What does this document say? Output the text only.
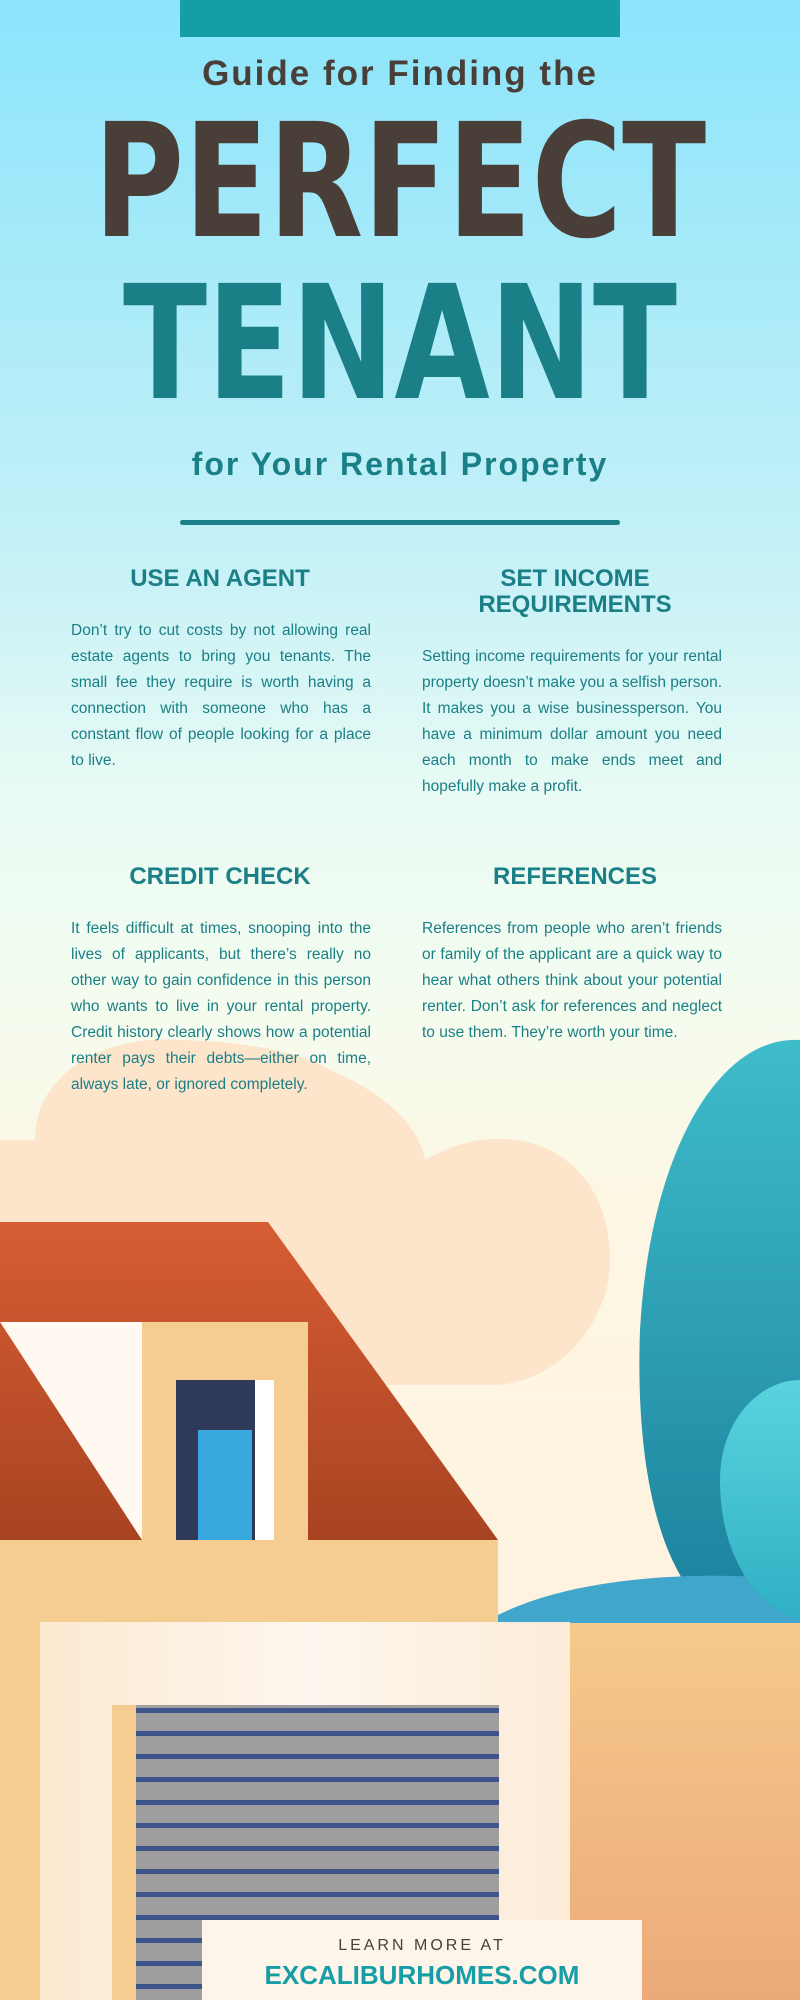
Guide for Finding the
PERFECT
TENANT
for Your Rental Property
USE AN AGENT
Don’t try to cut costs by not allowing real estate agents to bring you tenants. The small fee they require is worth having a connection with someone who has a constant flow of people looking for a place to live.
SET INCOME
REQUIREMENTS
Setting income requirements for your rental property doesn’t make you a selfish person. It makes you a wise businessperson. You have a minimum dollar amount you need each month to make ends meet and hopefully make a profit.
CREDIT CHECK
It feels difficult at times, snooping into the lives of applicants, but there’s really no other way to gain confidence in this person who wants to live in your rental property. Credit history clearly shows how a potential renter pays their debts—either on time, always late, or ignored completely.
REFERENCES
References from people who aren’t friends or family of the applicant are a quick way to hear what others think about your potential renter. Don’t ask for references and neglect to use them. They’re worth your time.
LEARN MORE AT
EXCALIBURHOMES.COM
